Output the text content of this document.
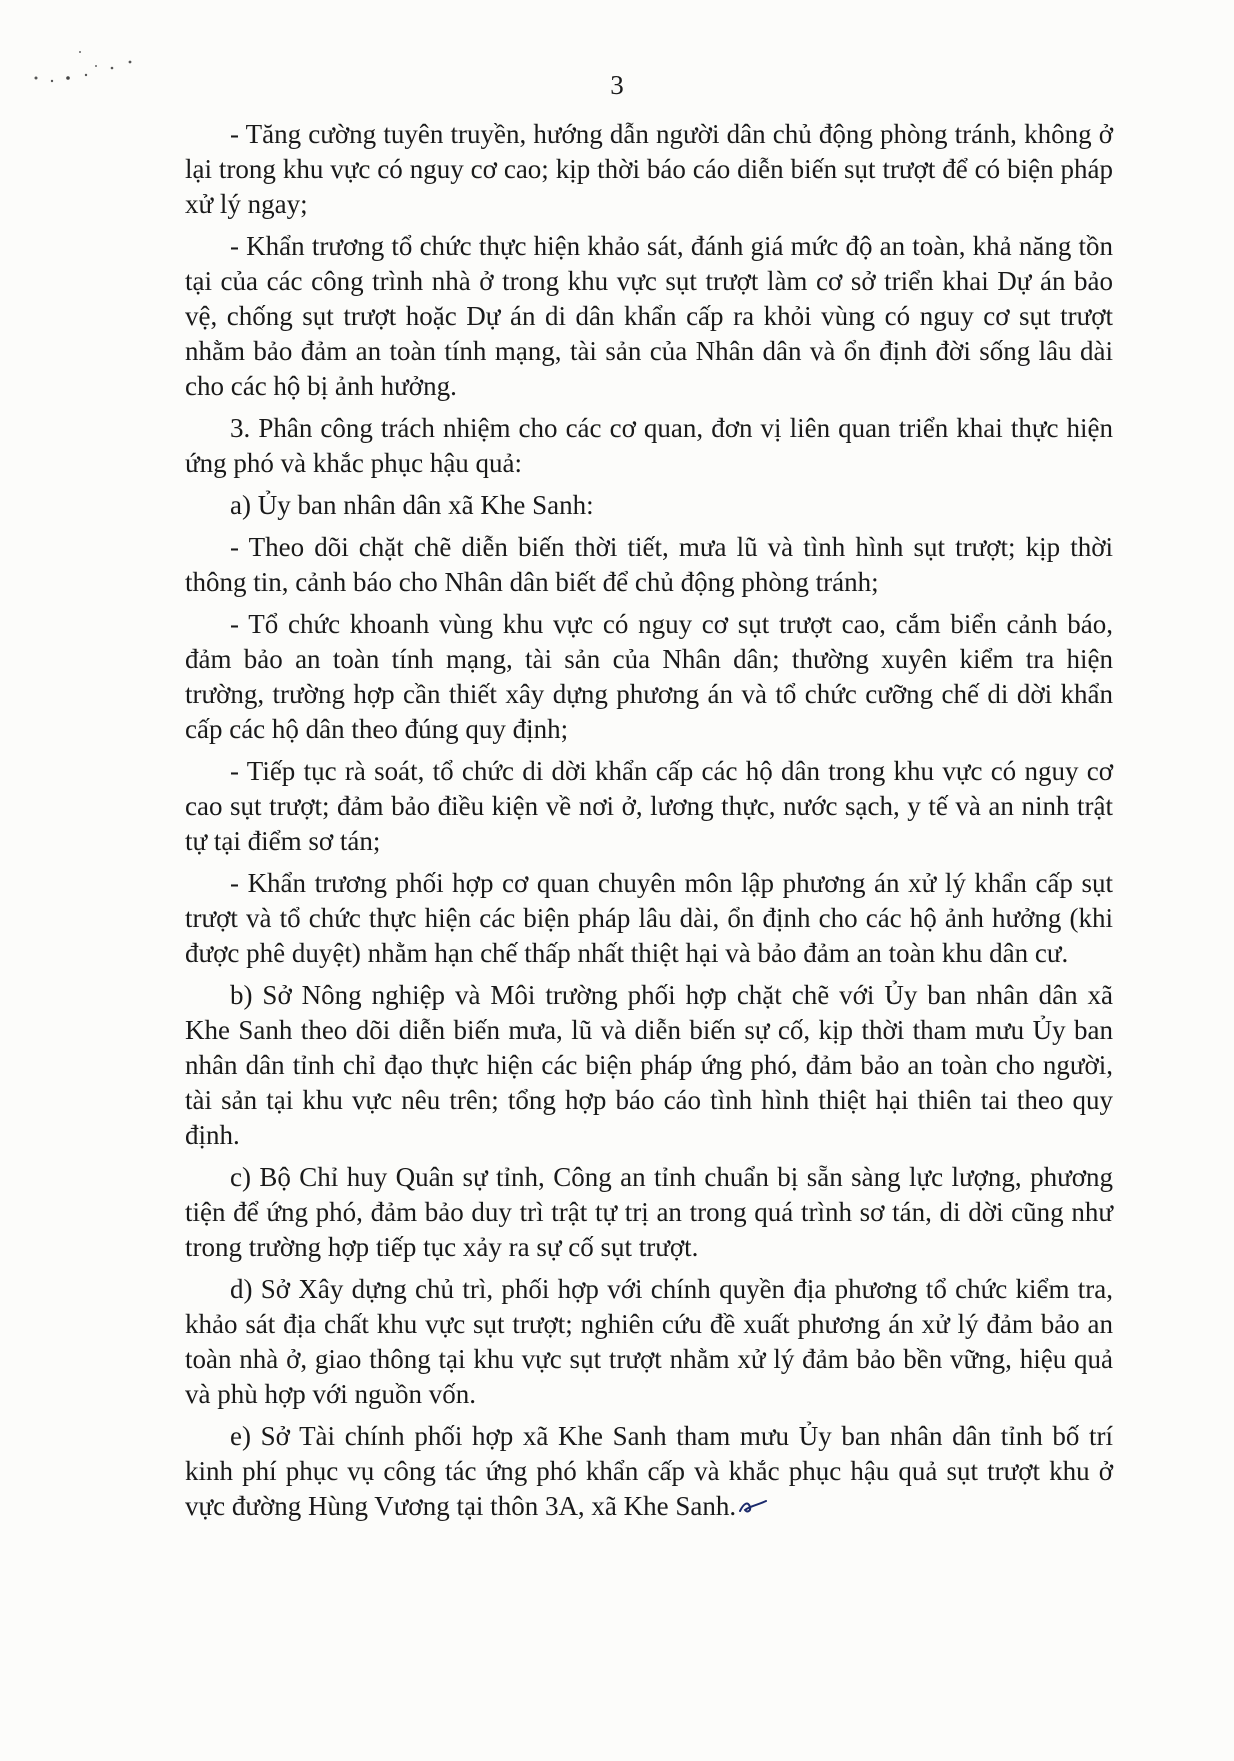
3

- Tăng cường tuyên truyền, hướng dẫn người dân chủ động phòng tránh, không ở lại trong khu vực có nguy cơ cao; kịp thời báo cáo diễn biến sụt trượt để có biện pháp xử lý ngay;

- Khẩn trương tổ chức thực hiện khảo sát, đánh giá mức độ an toàn, khả năng tồn tại của các công trình nhà ở trong khu vực sụt trượt làm cơ sở triển khai Dự án bảo vệ, chống sụt trượt hoặc Dự án di dân khẩn cấp ra khỏi vùng có nguy cơ sụt trượt nhằm bảo đảm an toàn tính mạng, tài sản của Nhân dân và ổn định đời sống lâu dài cho các hộ bị ảnh hưởng.

3. Phân công trách nhiệm cho các cơ quan, đơn vị liên quan triển khai thực hiện ứng phó và khắc phục hậu quả:

a) Ủy ban nhân dân xã Khe Sanh:

- Theo dõi chặt chẽ diễn biến thời tiết, mưa lũ và tình hình sụt trượt; kịp thời thông tin, cảnh báo cho Nhân dân biết để chủ động phòng tránh;

- Tổ chức khoanh vùng khu vực có nguy cơ sụt trượt cao, cắm biển cảnh báo, đảm bảo an toàn tính mạng, tài sản của Nhân dân; thường xuyên kiểm tra hiện trường, trường hợp cần thiết xây dựng phương án và tổ chức cưỡng chế di dời khẩn cấp các hộ dân theo đúng quy định;

- Tiếp tục rà soát, tổ chức di dời khẩn cấp các hộ dân trong khu vực có nguy cơ cao sụt trượt; đảm bảo điều kiện về nơi ở, lương thực, nước sạch, y tế và an ninh trật tự tại điểm sơ tán;

- Khẩn trương phối hợp cơ quan chuyên môn lập phương án xử lý khẩn cấp sụt trượt và tổ chức thực hiện các biện pháp lâu dài, ổn định cho các hộ ảnh hưởng (khi được phê duyệt) nhằm hạn chế thấp nhất thiệt hại và bảo đảm an toàn khu dân cư.

b) Sở Nông nghiệp và Môi trường phối hợp chặt chẽ với Ủy ban nhân dân xã Khe Sanh theo dõi diễn biến mưa, lũ và diễn biến sự cố, kịp thời tham mưu Ủy ban nhân dân tỉnh chỉ đạo thực hiện các biện pháp ứng phó, đảm bảo an toàn cho người, tài sản tại khu vực nêu trên; tổng hợp báo cáo tình hình thiệt hại thiên tai theo quy định.

c) Bộ Chỉ huy Quân sự tỉnh, Công an tỉnh chuẩn bị sẵn sàng lực lượng, phương tiện để ứng phó, đảm bảo duy trì trật tự trị an trong quá trình sơ tán, di dời cũng như trong trường hợp tiếp tục xảy ra sự cố sụt trượt.

d) Sở Xây dựng chủ trì, phối hợp với chính quyền địa phương tổ chức kiểm tra, khảo sát địa chất khu vực sụt trượt; nghiên cứu đề xuất phương án xử lý đảm bảo an toàn nhà ở, giao thông tại khu vực sụt trượt nhằm xử lý đảm bảo bền vững, hiệu quả và phù hợp với nguồn vốn.

e) Sở Tài chính phối hợp xã Khe Sanh tham mưu Ủy ban nhân dân tỉnh bố trí kinh phí phục vụ công tác ứng phó khẩn cấp và khắc phục hậu quả sụt trượt khu ở vực đường Hùng Vương tại thôn 3A, xã Khe Sanh.
